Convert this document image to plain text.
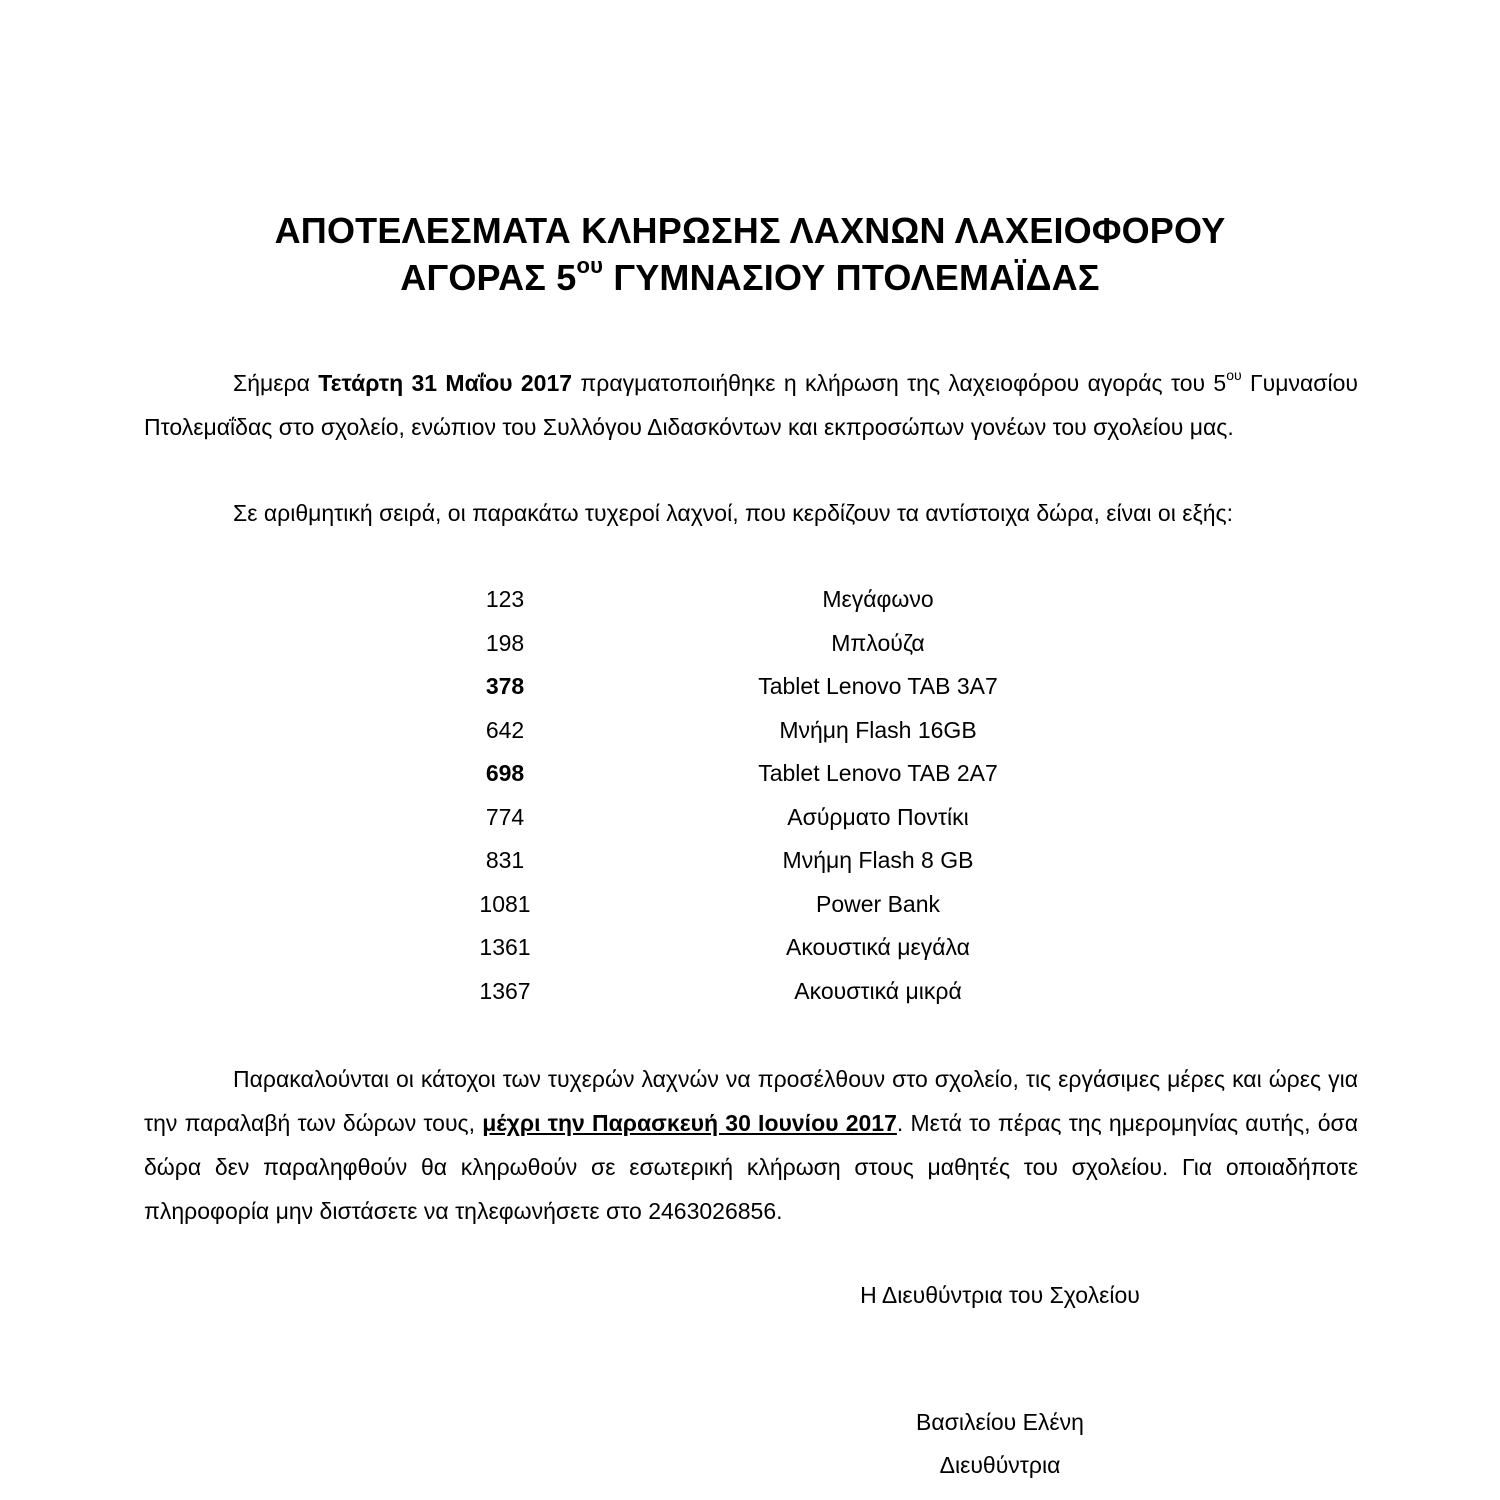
ΑΠΟΤΕΛΕΣΜΑΤΑ ΚΛΗΡΩΣΗΣ ΛΑΧΝΩΝ ΛΑΧΕΙΟΦΟΡΟΥ
ΑΓΟΡΑΣ $5^{o\upsilon}$ ΓΥΜΝΑΣΙΟΥ ΠΤΟΛΕΜΑΪΔΑΣ
Σήμερα Τετάρτη 31 Μαΐου 2017 πραγματοποιήθηκε η κλήρωση της λαχειοφόρου αγοράς του $5^{o\upsilon}$ Γυμνασίου Πτολεμαΐδας στο σχολείο, ενώπιον του Συλλόγου Διδασκόντων και εκπροσώπων γονέων του σχολείου μας.
Σε αριθμητική σειρά, οι παρακάτω τυχεροί λαχνοί, που κερδίζουν τα αντίστοιχα δώρα, είναι οι εξής:
123	Μεγάφωνο
198	Μπλούζα
378	Tablet Lenovo TAB 3A7
642	Μνήμη Flash 16GB
698	Tablet Lenovo TAB 2A7
774	Ασύρματο Ποντίκι
831	Μνήμη Flash 8 GB
1081	Power Bank
1361	Ακουστικά μεγάλα
1367	Ακουστικά μικρά
Παρακαλούνται οι κάτοχοι των τυχερών λαχνών να προσέλθουν στο σχολείο, τις εργάσιμες μέρες και ώρες για την παραλαβή των δώρων τους, μέχρι την Παρασκευή 30 Ιουνίου 2017. Μετά το πέρας της ημερομηνίας αυτής, όσα δώρα δεν παραληφθούν θα κληρωθούν σε εσωτερική κλήρωση στους μαθητές του σχολείου. Για οποιαδήποτε πληροφορία μην διστάσετε να τηλεφωνήσετε στο 2463026856.
Η Διευθύντρια του Σχολείου
Βασιλείου Ελένη
Διευθύντρια
